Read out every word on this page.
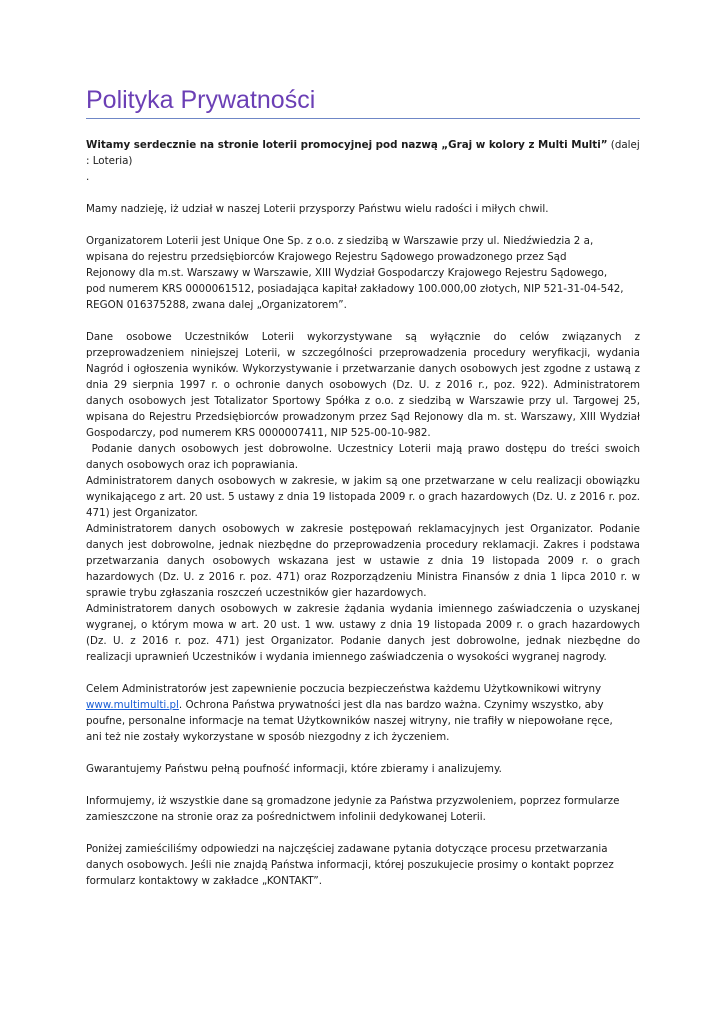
Polityka Prywatności

Witamy serdecznie na stronie loterii promocyjnej pod nazwą „Graj w kolory z Multi Multi” (dalej : Loteria)

.

Mamy nadzieję, iż udział w naszej Loterii przysporzy Państwu wielu radości i miłych chwil.

Organizatorem Loterii jest Unique One Sp. z o.o. z siedzibą w Warszawie przy ul. Niedźwiedzia 2 a,

wpisana do rejestru przedsiębiorców Krajowego Rejestru Sądowego prowadzonego przez Sąd

Rejonowy dla m.st. Warszawy w Warszawie, XIII Wydział Gospodarczy Krajowego Rejestru Sądowego,

pod numerem KRS 0000061512, posiadająca kapitał zakładowy 100.000,00 złotych, NIP 521-31-04-542,

REGON 016375288, zwana dalej „Organizatorem”.

Dane osobowe Uczestników Loterii wykorzystywane są wyłącznie do celów związanych z przeprowadzeniem niniejszej Loterii, w szczególności przeprowadzenia procedury weryfikacji, wydania Nagród i ogłoszenia wyników. Wykorzystywanie i przetwarzanie danych osobowych jest zgodne z ustawą z dnia 29 sierpnia 1997 r. o ochronie danych osobowych (Dz. U. z 2016 r., poz. 922). Administratorem danych osobowych jest Totalizator Sportowy Spółka z o.o. z siedzibą w Warszawie przy ul. Targowej 25, wpisana do Rejestru Przedsiębiorców prowadzonym przez Sąd Rejonowy dla m. st. Warszawy, XIII Wydział Gospodarczy, pod numerem KRS 0000007411, NIP 525-00-10-982.

Podanie danych osobowych jest dobrowolne. Uczestnicy Loterii mają prawo dostępu do treści swoich danych osobowych oraz ich poprawiania.

Administratorem danych osobowych w zakresie, w jakim są one przetwarzane w celu realizacji obowiązku wynikającego z art. 20 ust. 5 ustawy z dnia 19 listopada 2009 r. o grach hazardowych (Dz. U. z 2016 r. poz. 471) jest Organizator.

Administratorem danych osobowych w zakresie postępowań reklamacyjnych jest Organizator. Podanie danych jest dobrowolne, jednak niezbędne do przeprowadzenia procedury reklamacji. Zakres i podstawa przetwarzania danych osobowych wskazana jest w ustawie z dnia 19 listopada 2009 r. o grach hazardowych (Dz. U. z 2016 r. poz. 471) oraz Rozporządzeniu Ministra Finansów z dnia 1 lipca 2010 r. w sprawie trybu zgłaszania roszczeń uczestników gier hazardowych.

Administratorem danych osobowych w zakresie żądania wydania imiennego zaświadczenia o uzyskanej wygranej, o którym mowa w art. 20 ust. 1 ww. ustawy z dnia 19 listopada 2009 r. o grach hazardowych (Dz. U. z 2016 r. poz. 471) jest Organizator. Podanie danych jest dobrowolne, jednak niezbędne do realizacji uprawnień Uczestników i wydania imiennego zaświadczenia o wysokości wygranej nagrody.

Celem Administratorów jest zapewnienie poczucia bezpieczeństwa każdemu Użytkownikowi witryny

www.multimulti.pl. Ochrona Państwa prywatności jest dla nas bardzo ważna. Czynimy wszystko, aby

poufne, personalne informacje na temat Użytkowników naszej witryny, nie trafiły w niepowołane ręce,

ani też nie zostały wykorzystane w sposób niezgodny z ich życzeniem.

Gwarantujemy Państwu pełną poufność informacji, które zbieramy i analizujemy.

Informujemy, iż wszystkie dane są gromadzone jedynie za Państwa przyzwoleniem, poprzez formularze

zamieszczone na stronie oraz za pośrednictwem infolinii dedykowanej Loterii.

Poniżej zamieściliśmy odpowiedzi na najczęściej zadawane pytania dotyczące procesu przetwarzania

danych osobowych. Jeśli nie znajdą Państwa informacji, której poszukujecie prosimy o kontakt poprzez

formularz kontaktowy w zakładce „KONTAKT”.
